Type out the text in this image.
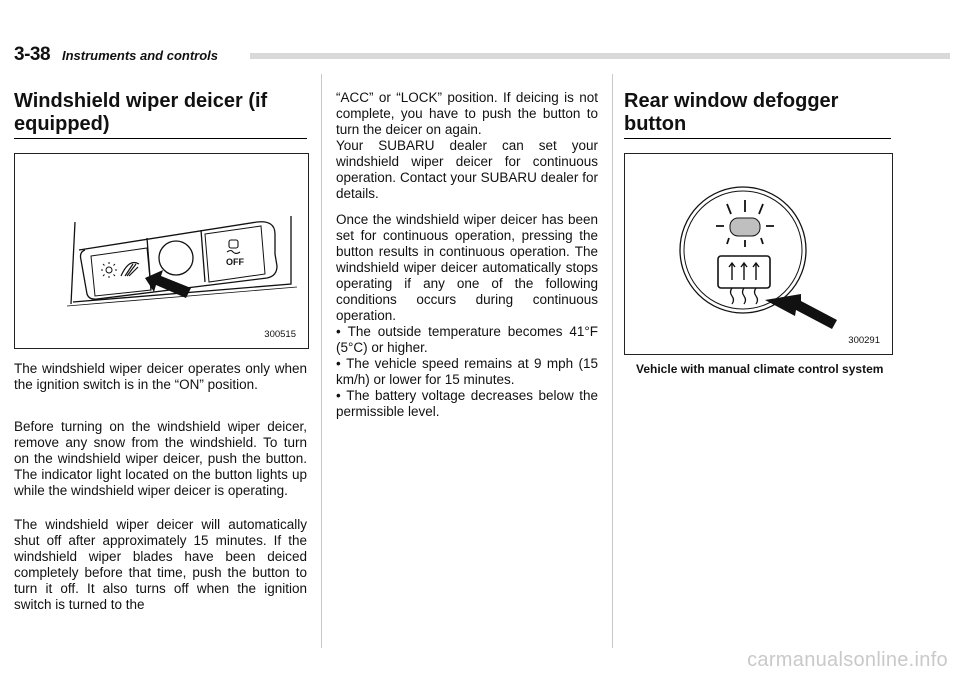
3-38 Instruments and controls
Windshield wiper deicer (if equipped)
OFF
300515

The windshield wiper deicer operates only when the ignition switch is in the “ON” position.

Before turning on the windshield wiper deicer, remove any snow from the windshield. To turn on the windshield wiper deicer, push the button. The indicator light located on the button lights up while the windshield wiper deicer is operating.

The windshield wiper deicer will automatically shut off after approximately 15 minutes. If the windshield wiper blades have been deiced completely before that time, push the button to turn it off. It also turns off when the ignition switch is turned to the

“ACC” or “LOCK” position. If deicing is not complete, you have to push the button to turn the deicer on again.

Your SUBARU dealer can set your windshield wiper deicer for continuous operation. Contact your SUBARU dealer for details.

Once the windshield wiper deicer has been set for continuous operation, pressing the button results in continuous operation. The windshield wiper deicer automatically stops operating if any one of the following conditions occurs during continuous operation.

• The outside temperature becomes 41°F (5°C) or higher.

• The vehicle speed remains at 9 mph (15 km/h) or lower for 15 minutes.

• The battery voltage decreases below the permissible level.

Rear window defogger button
300291

Vehicle with manual climate control system

carmanualsonline.info
